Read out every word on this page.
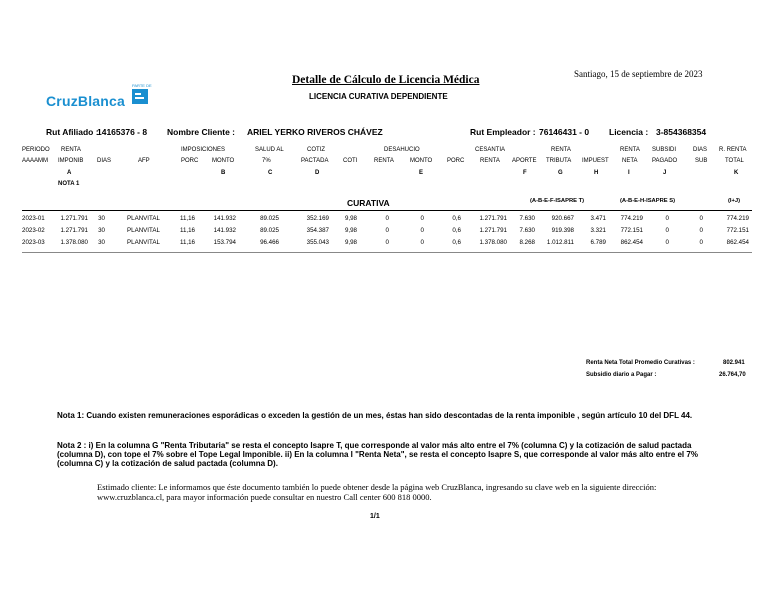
PARTE DE
CruzBlanca
Detalle de Cálculo de Licencia Médica
LICENCIA CURATIVA DEPENDIENTE
Santiago, 15 de septiembre de 2023
Rut Afiliado :
14165376 - 8 Nombre Cliente : ARIEL YERKO RIVEROS CHÁVEZ	Rut Empleador : 76146431 - 0 Licencia : 3-854368354
PERIODO RENTA	IMPOSICIONES	SALUD AL	COTIZ	DESAHUCIO	CESANTIA	RENTA	RENTA SUBSIDI	DIAS R. RENTA
AAAAMM IMPONIB DIAS	AFP	PORC MONTO	7%	PACTADA COTI	RENTA	MONTO PORC	RENTA APORTE TRIBUTA IMPUEST NETA PAGADO	SUB	TOTAL
A	B	C	D	E	F	G	H	I	J	K
NOTA 1
CURATIVA	(A-B-E-F-ISAPRE T)	(A-B-E-H-ISAPRE S)	(I+J)
2023-01	1.271.791 30	PLANVITAL	11,16	141.932	89.025	352.169	9,98	0	0	0,6	1.271.791 7.630	920.667	3.471 774.219	0	0	774.219
2023-02	1.271.791 30	PLANVITAL	11,16	141.932	89.025	354.387	9,98	0	0	0,6	1.271.791 7.630	919.398	3.321 772.151	0	0	772.151
2023-03	1.378.080 30	PLANVITAL	11,16	153.794	96.466	355.043	9,98	0	0	0,6	1.378.080 8.268 1.012.811	6.789 862.454	0	0	862.454
Renta Neta Total Promedio Curativas :	802.941
Subsidio diario a Pagar :	26.764,70
Nota 1: Cuando existen remuneraciones esporádicas o exceden la gestión de un mes, éstas han sido descontadas de la renta imponible , según artículo 10 del DFL 44.
Nota 2 : i) En la columna G "Renta Tributaria" se resta el concepto Isapre T, que corresponde al valor más alto entre el 7% (columna C) y la cotización de salud pactada (columna D), con tope el 7% sobre el Tope Legal Imponible. ii) En la columna I "Renta Neta", se resta el concepto Isapre S, que corresponde al valor más alto entre el 7% (columna C) y la cotización de salud pactada (columna D).
Estimado cliente: Le informamos que éste documento también lo puede obtener desde la página web CruzBlanca, ingresando su clave web en la siguiente dirección: www.cruzblanca.cl, para mayor información puede consultar en nuestro Call center 600 818 0000.
1/1
